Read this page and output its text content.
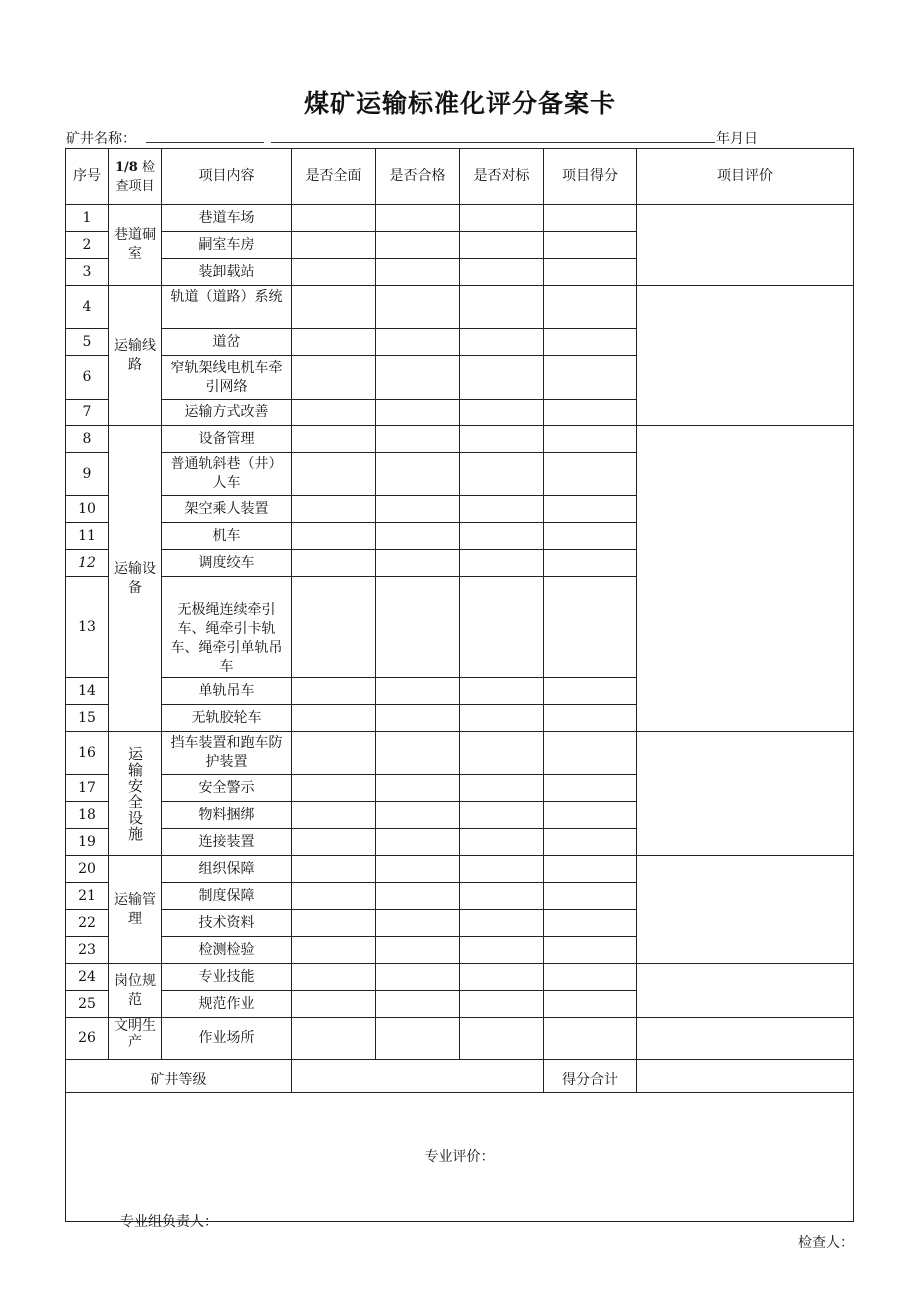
煤矿运输标准化评分备案卡
矿井名称：	年月日
序号	1/8 检查项目	项目内容	是否全面	是否合格	是否对标	项目得分	项目评价
1	巷道硐室	巷道车场					
2		嗣室车房					
3		装卸载站					
4	运输线路	轨道（道路）系统					
5		道岔					
6		窄轨架线电机车牵引网络					
7		运输方式改善					
8	运输设备	设备管理					
9		普通轨斜巷（井）人车					
10		架空乘人装置					
11		机车					
12		调度绞车					
13		无极绳连续牵引车、绳牵引卡轨车、绳牵引单轨吊车					
14		单轨吊车					
15		无轨胶轮车					
16	运输安全设施	挡车装置和跑车防护装置					
17		安全警示					
18		物料捆绑					
19		连接装置					
20	运输管理	组织保障					
21		制度保障					
22		技术资料					
23		检测检验					
24	岗位规范	专业技能					
25		规范作业					
26	文明生产	作业场所					
矿井等级						得分合计	
专业评价：							
专业组负责人：
检查人：
